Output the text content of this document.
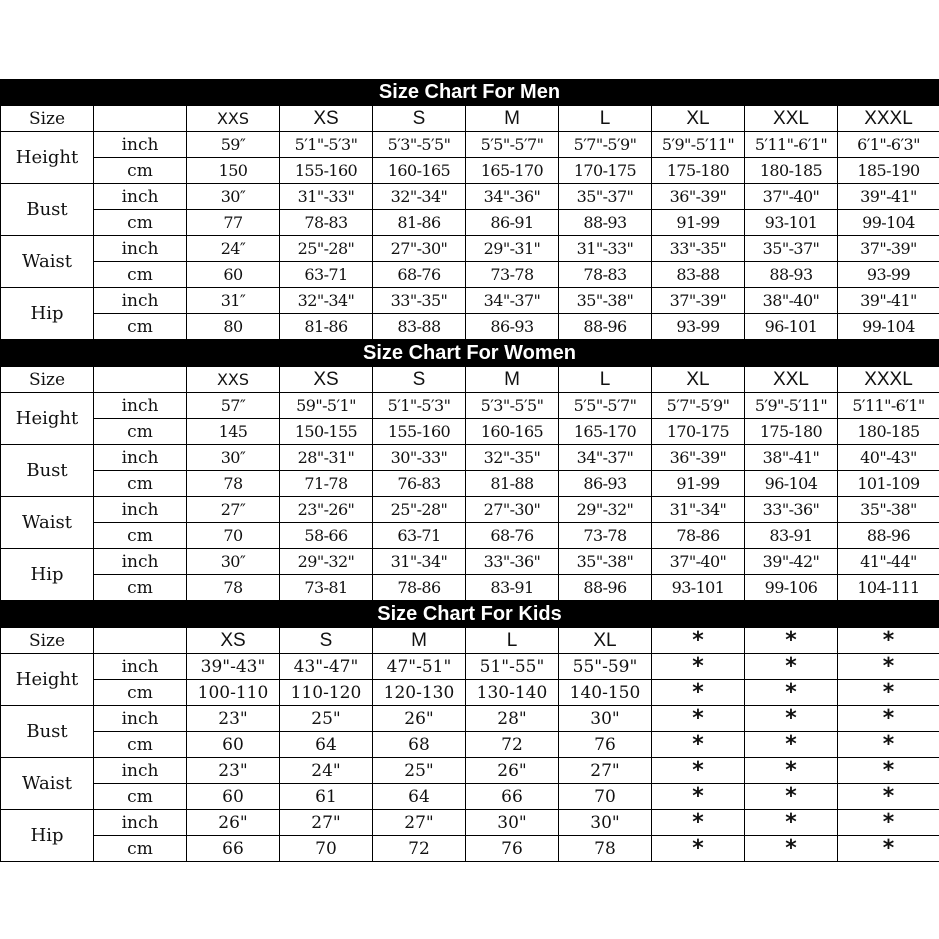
Size Chart For Men
Size		XXS	XS	S	M	L	XL	XXL	XXXL
Height	inch	59″	5′1"-5′3"	5′3"-5′5"	5′5"-5′7"	5′7"-5′9"	5′9"-5′11"	5′11"-6′1"	6′1"-6′3"
	cm	150	155-160	160-165	165-170	170-175	175-180	180-185	185-190
Bust	inch	30″	31"-33"	32"-34"	34"-36"	35"-37"	36"-39"	37"-40"	39"-41"
	cm	77	78-83	81-86	86-91	88-93	91-99	93-101	99-104
Waist	inch	24″	25"-28"	27"-30"	29"-31"	31"-33"	33"-35"	35"-37"	37"-39"
	cm	60	63-71	68-76	73-78	78-83	83-88	88-93	93-99
Hip	inch	31″	32"-34"	33"-35"	34"-37"	35"-38"	37"-39"	38"-40"	39"-41"
	cm	80	81-86	83-88	86-93	88-96	93-99	96-101	99-104
Size Chart For Women
Size		XXS	XS	S	M	L	XL	XXL	XXXL
Height	inch	57″	59"-5′1"	5′1"-5′3"	5′3"-5′5"	5′5"-5′7"	5′7"-5′9"	5′9"-5′11"	5′11"-6′1"
	cm	145	150-155	155-160	160-165	165-170	170-175	175-180	180-185
Bust	inch	30″	28"-31"	30"-33"	32"-35"	34"-37"	36"-39"	38"-41"	40"-43"
	cm	78	71-78	76-83	81-88	86-93	91-99	96-104	101-109
Waist	inch	27″	23"-26"	25"-28"	27"-30"	29"-32"	31"-34"	33"-36"	35"-38"
	cm	70	58-66	63-71	68-76	73-78	78-86	83-91	88-96
Hip	inch	30″	29"-32"	31"-34"	33"-36"	35"-38"	37"-40"	39"-42"	41"-44"
	cm	78	73-81	78-86	83-91	88-96	93-101	99-106	104-111
Size Chart For Kids
Size		XS	S	M	L	XL	*	*	*
Height	inch	39"-43"	43"-47"	47"-51"	51"-55"	55"-59"	*	*	*
	cm	100-110	110-120	120-130	130-140	140-150	*	*	*
Bust	inch	23"	25"	26"	28"	30"	*	*	*
	cm	60	64	68	72	76	*	*	*
Waist	inch	23"	24"	25"	26"	27"	*	*	*
	cm	60	61	64	66	70	*	*	*
Hip	inch	26"	27"	27"	30"	30"	*	*	*
	cm	66	70	72	76	78	*	*	*
